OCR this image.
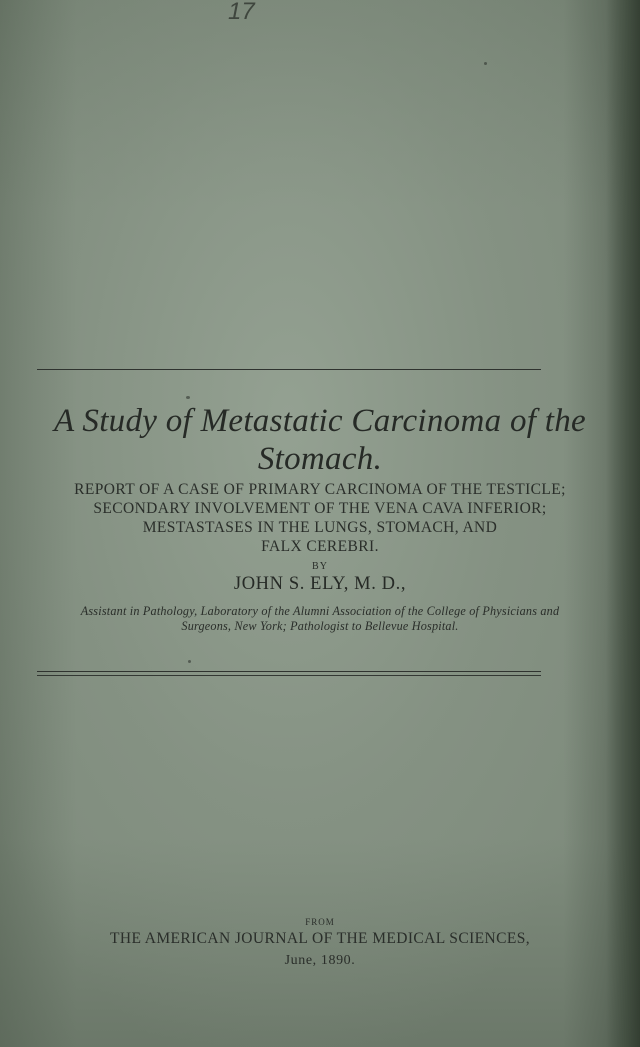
17
A Study of Metastatic Carcinoma of the
Stomach.
REPORT OF A CASE OF PRIMARY CARCINOMA OF THE TESTICLE;
SECONDARY INVOLVEMENT OF THE VENA CAVA INFERIOR;
MESTASTASES IN THE LUNGS, STOMACH, AND
FALX CEREBRI.
BY
JOHN S. ELY, M. D.,
Assistant in Pathology, Laboratory of the Alumni Association of the College of Physicians and
Surgeons, New York; Pathologist to Bellevue Hospital.
FROM
THE AMERICAN JOURNAL OF THE MEDICAL SCIENCES,
June, 1890.
